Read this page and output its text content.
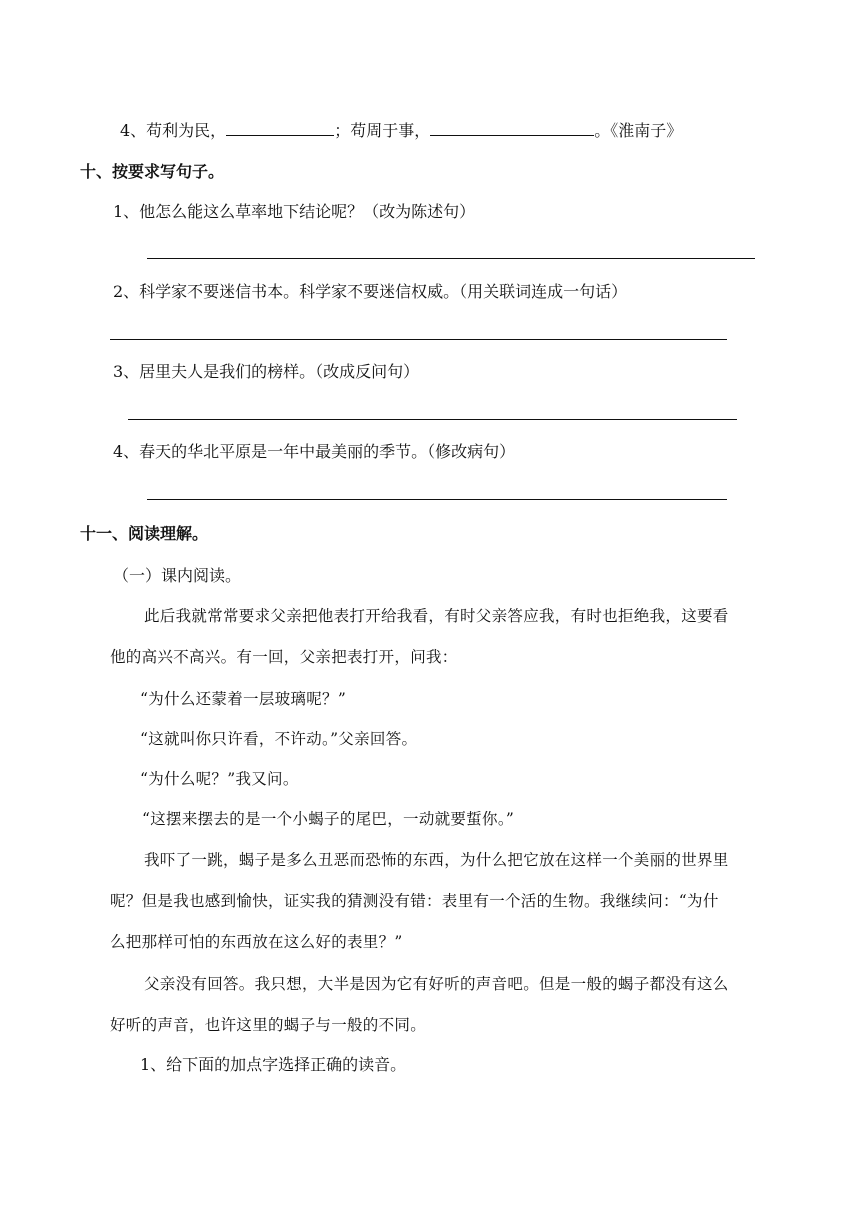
4、苟利为民，	；苟周于事，	。《淮南子》
十、按要求写句子。
1、他怎么能这么草率地下结论呢？（改为陈述句）
2、科学家不要迷信书本。科学家不要迷信权威。（用关联词连成一句话）
3、居里夫人是我们的榜样。（改成反问句）
4、春天的华北平原是一年中最美丽的季节。（修改病句）
十一、阅读理解。
（一）课内阅读。
此后我就常常要求父亲把他表打开给我看，有时父亲答应我，有时也拒绝我，这要看
他的高兴不高兴。有一回，父亲把表打开，问我：
“为什么还蒙着一层玻璃呢？”
“这就叫你只许看，不许动。”父亲回答。
“为什么呢？”我又问。
“这摆来摆去的是一个小蝎子的尾巴，一动就要蜇你。”
我吓了一跳，蝎子是多么丑恶而恐怖的东西，为什么把它放在这样一个美丽的世界里
呢？但是我也感到愉快，证实我的猜测没有错：表里有一个活的生物。我继续问：“为什
么把那样可怕的东西放在这么好的表里？”
父亲没有回答。我只想，大半是因为它有好听的声音吧。但是一般的蝎子都没有这么
好听的声音，也许这里的蝎子与一般的不同。
1、给下面的加点字选择正确的读音。
